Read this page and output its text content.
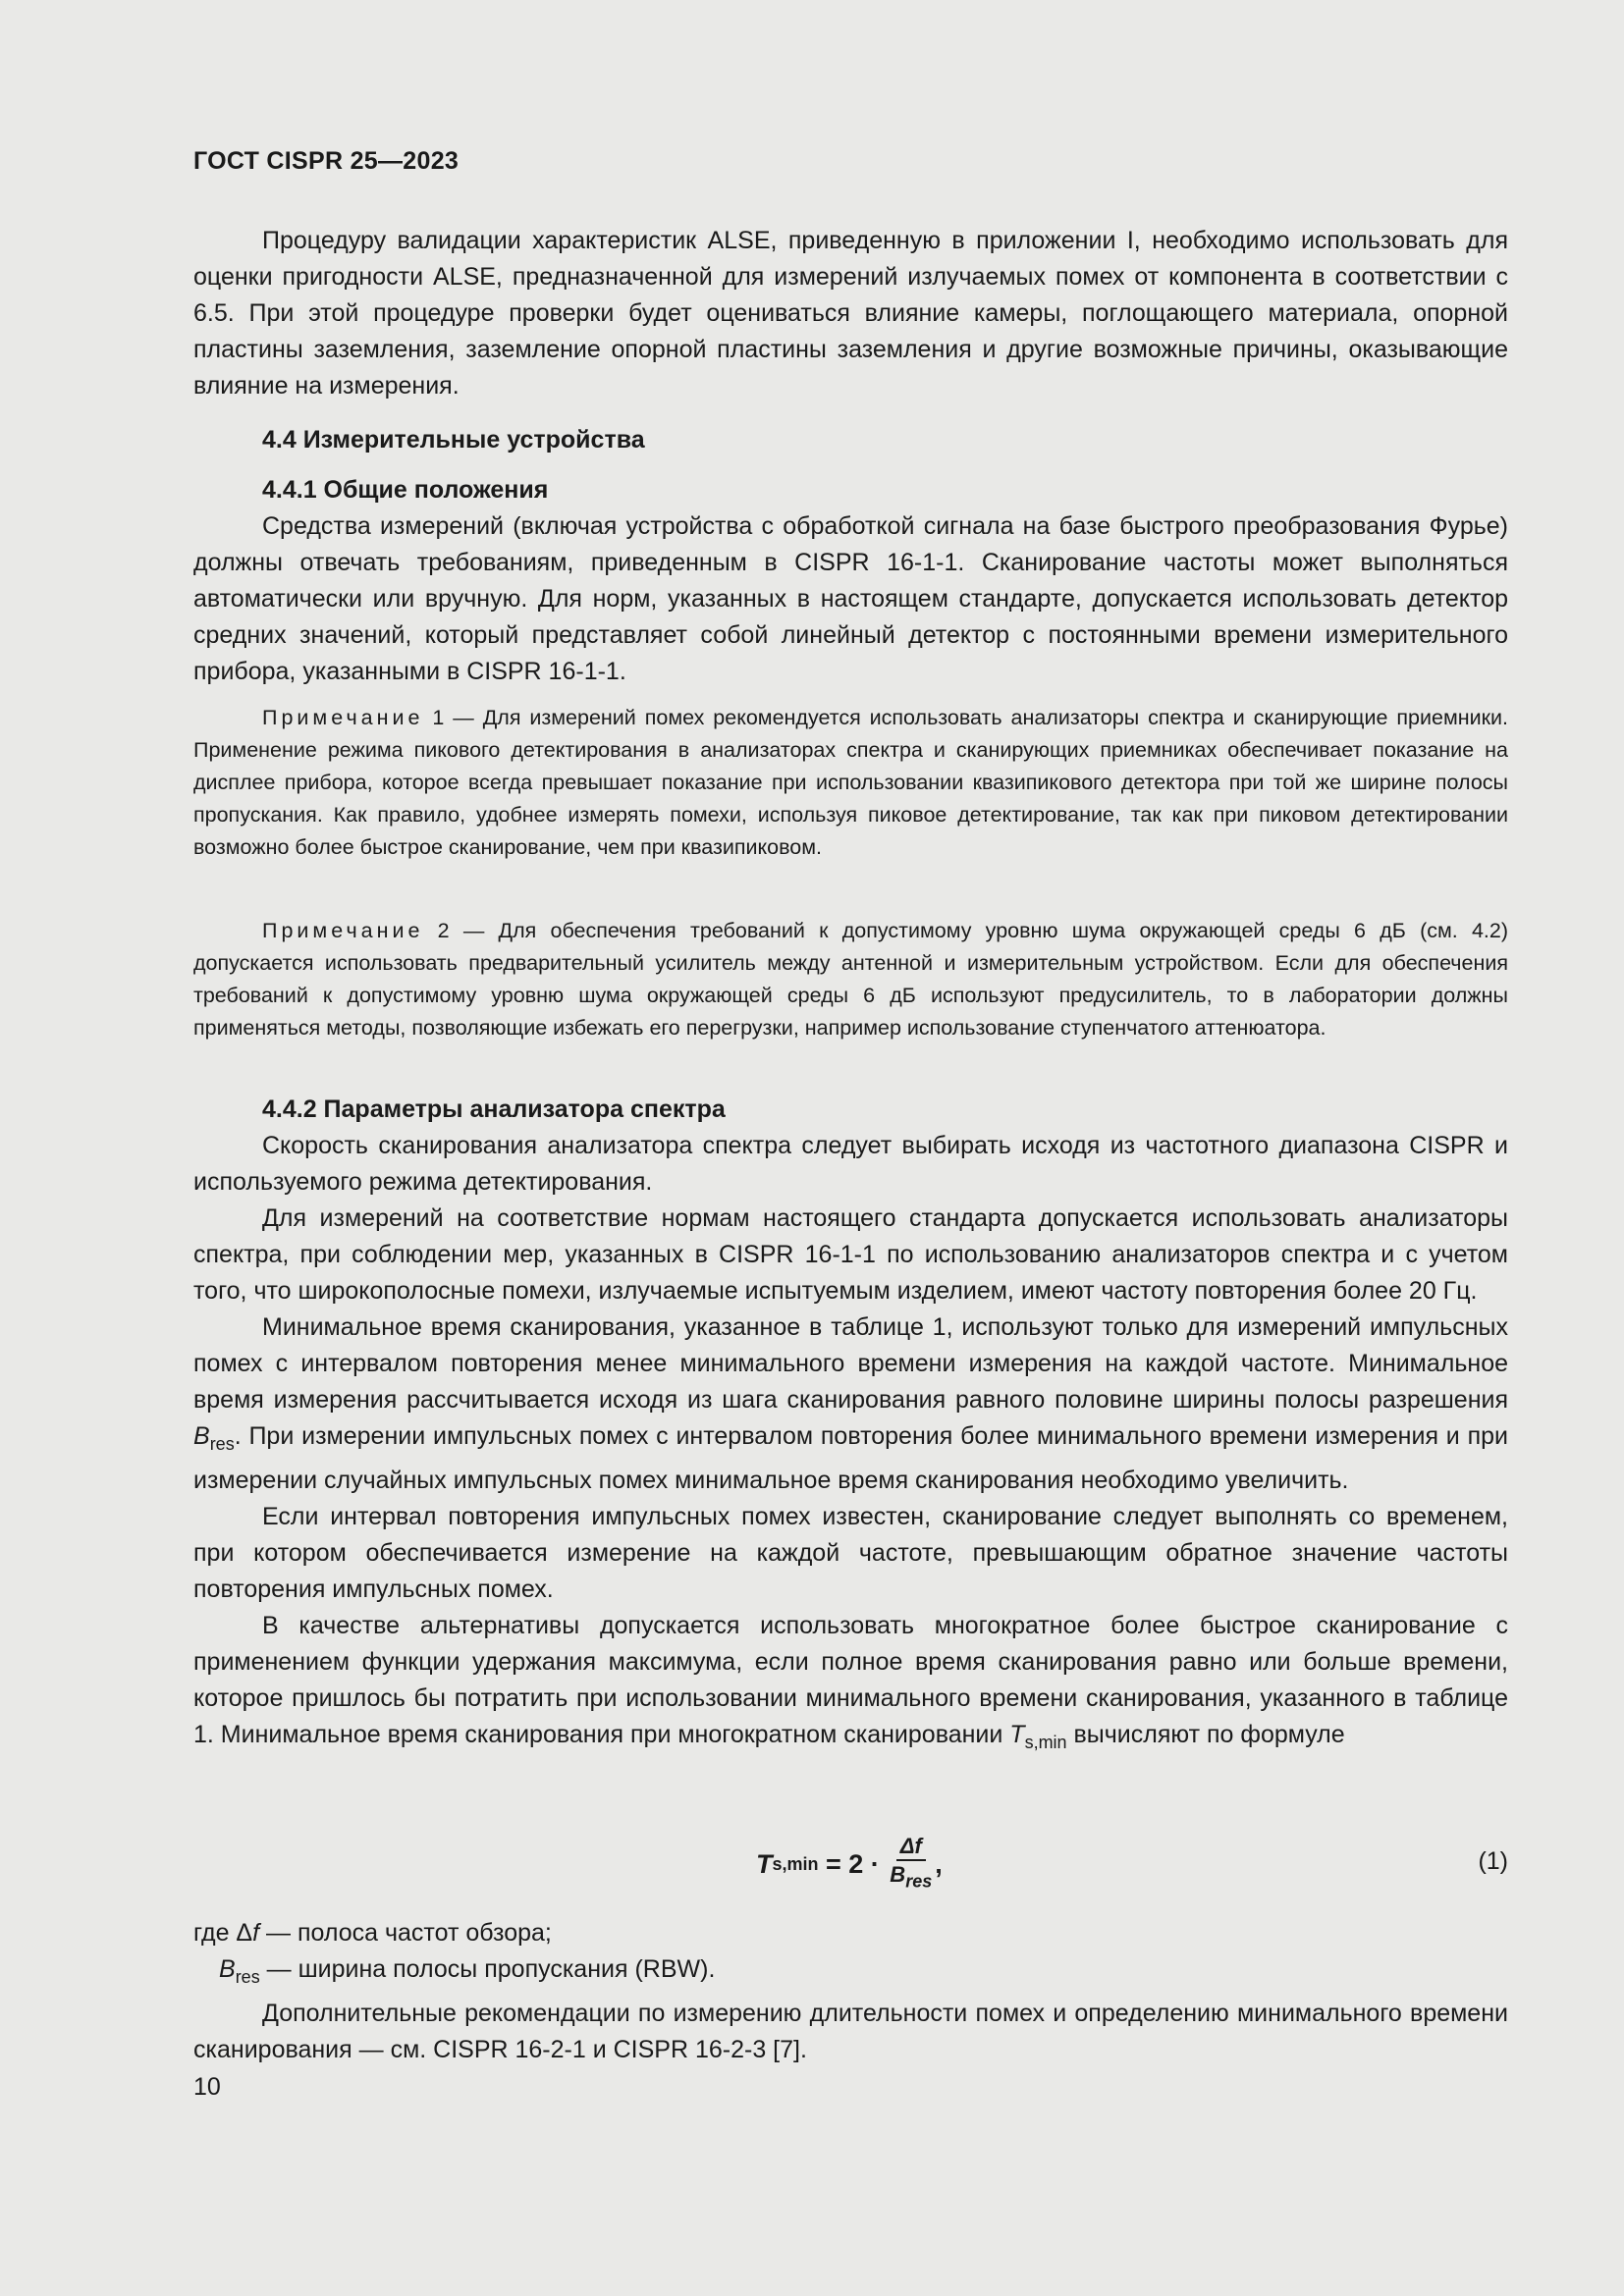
ГОСТ CISPR 25—2023

Процедуру валидации характеристик ALSE, приведенную в приложении I, необходимо использовать для оценки пригодности ALSE, предназначенной для измерений излучаемых помех от компонента в соответствии с 6.5. При этой процедуре проверки будет оцениваться влияние камеры, поглощающего материала, опорной пластины заземления, заземление опорной пластины заземления и другие возможные причины, оказывающие влияние на измерения.

4.4 Измерительные устройства

4.4.1 Общие положения

Средства измерений (включая устройства с обработкой сигнала на базе быстрого преобразования Фурье) должны отвечать требованиям, приведенным в CISPR 16-1-1. Сканирование частоты может выполняться автоматически или вручную. Для норм, указанных в настоящем стандарте, допускается использовать детектор средних значений, который представляет собой линейный детектор с постоянными времени измерительного прибора, указанными в CISPR 16-1-1.

Примечание 1 — Для измерений помех рекомендуется использовать анализаторы спектра и сканирующие приемники. Применение режима пикового детектирования в анализаторах спектра и сканирующих приемниках обеспечивает показание на дисплее прибора, которое всегда превышает показание при использовании квазипикового детектора при той же ширине полосы пропускания. Как правило, удобнее измерять помехи, используя пиковое детектирование, так как при пиковом детектировании возможно более быстрое сканирование, чем при квазипиковом.

Примечание 2 — Для обеспечения требований к допустимому уровню шума окружающей среды 6 дБ (см. 4.2) допускается использовать предварительный усилитель между антенной и измерительным устройством. Если для обеспечения требований к допустимому уровню шума окружающей среды 6 дБ используют предусилитель, то в лаборатории должны применяться методы, позволяющие избежать его перегрузки, например использование ступенчатого аттенюатора.

4.4.2 Параметры анализатора спектра

Скорость сканирования анализатора спектра следует выбирать исходя из частотного диапазона CISPR и используемого режима детектирования.

Для измерений на соответствие нормам настоящего стандарта допускается использовать анализаторы спектра, при соблюдении мер, указанных в CISPR 16-1-1 по использованию анализаторов спектра и с учетом того, что широкополосные помехи, излучаемые испытуемым изделием, имеют частоту повторения более 20 Гц.

Минимальное время сканирования, указанное в таблице 1, используют только для измерений импульсных помех с интервалом повторения менее минимального времени измерения на каждой частоте. Минимальное время измерения рассчитывается исходя из шага сканирования равного половине ширины полосы разрешения $B_{res}$. При измерении импульсных помех с интервалом повторения более минимального времени измерения и при измерении случайных импульсных помех минимальное время сканирования необходимо увеличить.

Если интервал повторения импульсных помех известен, сканирование следует выполнять со временем, при котором обеспечивается измерение на каждой частоте, превышающим обратное значение частоты повторения импульсных помех.

В качестве альтернативы допускается использовать многократное более быстрое сканирование с применением функции удержания максимума, если полное время сканирования равно или больше времени, которое пришлось бы потратить при использовании минимального времени сканирования, указанного в таблице 1. Минимальное время сканирования при многократном сканировании $T_{s,min}$ вычисляют по формуле

T $s,\min = 2 \cdot \frac{\Delta f}{B_{res}}$ ,	(1)

где Δf — полоса частот обзора;

$B_{res}$ — ширина полосы пропускания (RBW).

Дополнительные рекомендации по измерению длительности помех и определению минимального времени сканирования — см. CISPR 16-2-1 и CISPR 16-2-3 [7].

10
